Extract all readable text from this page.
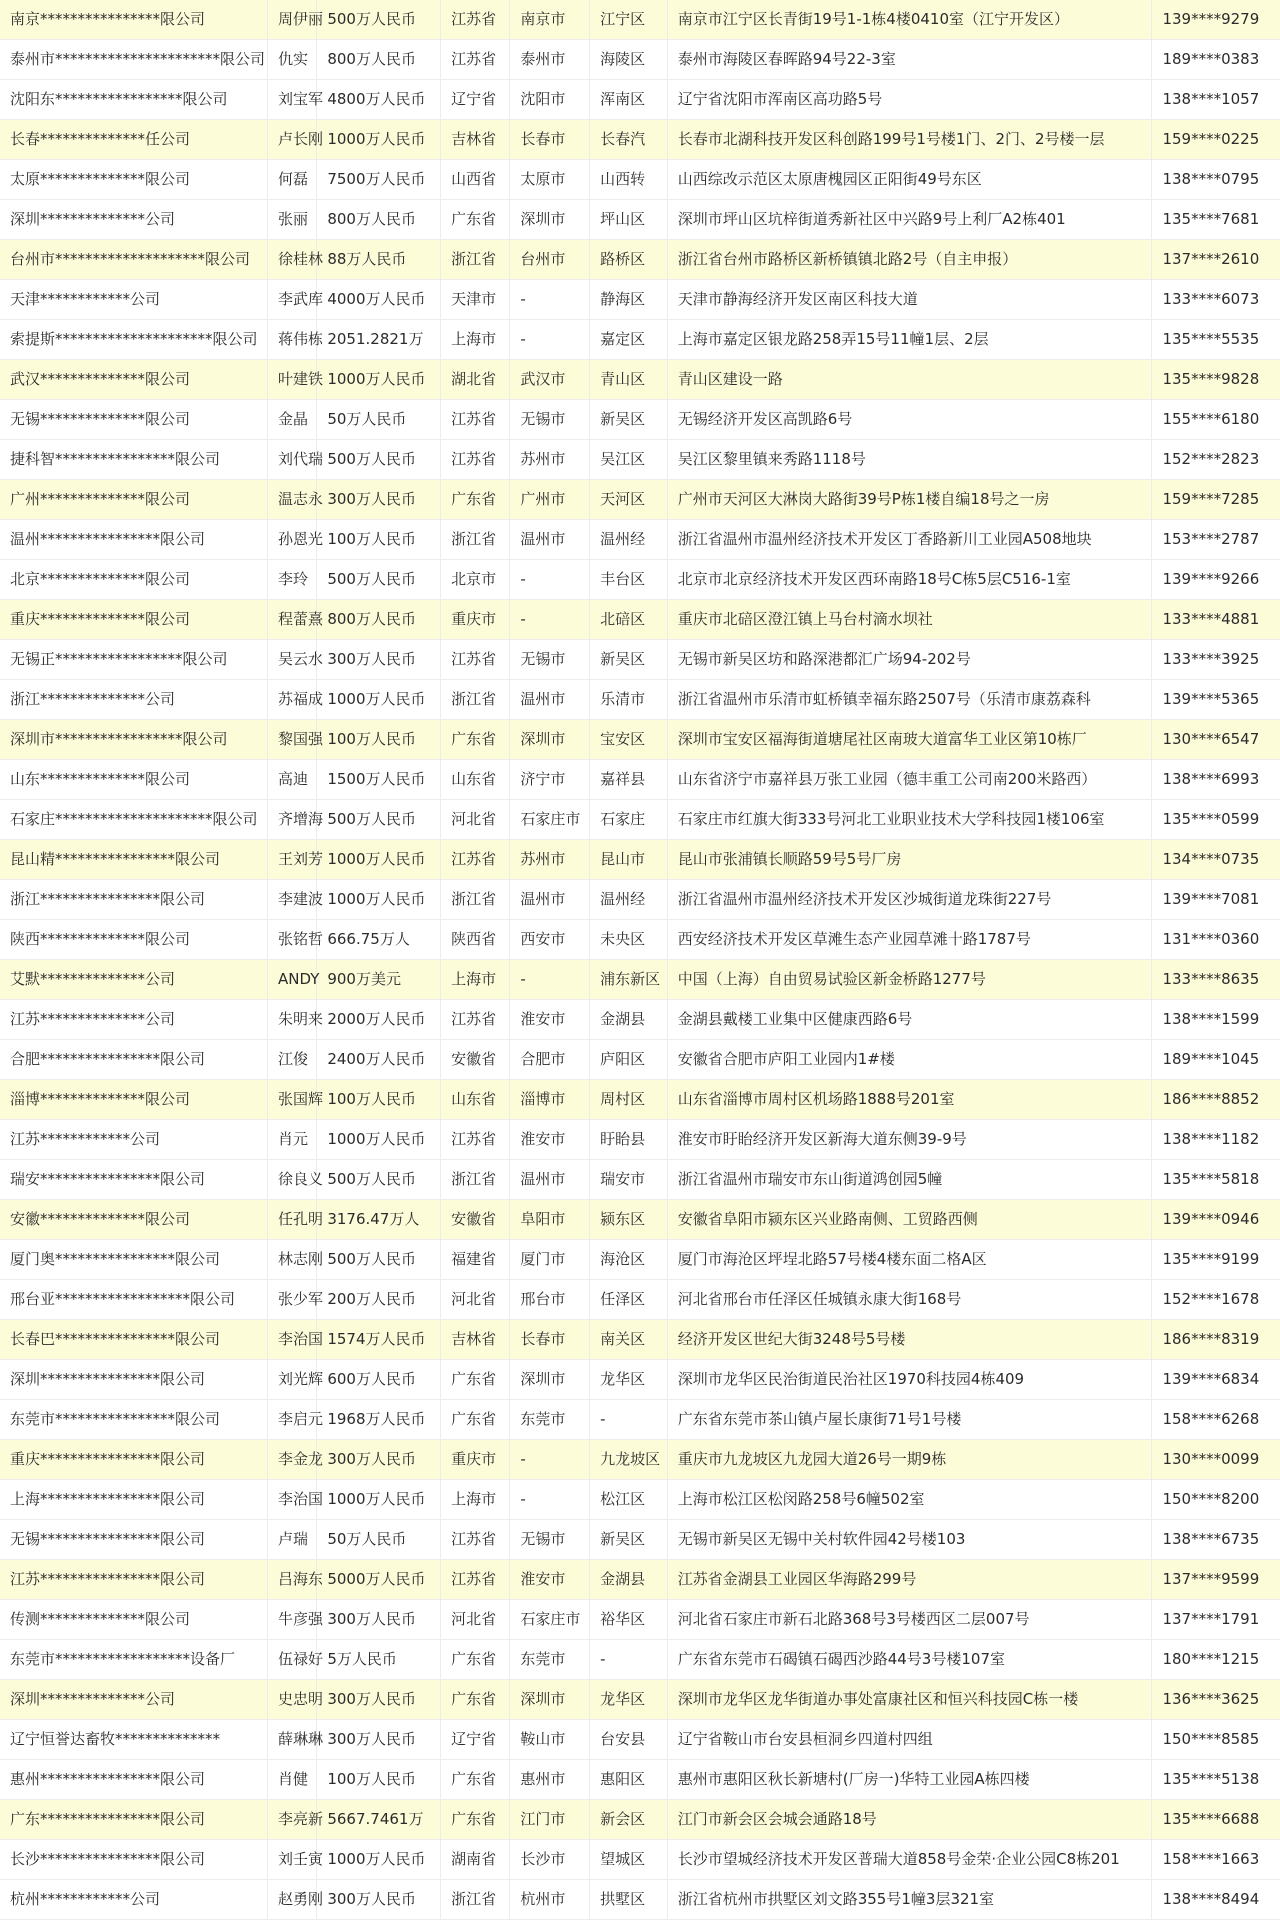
南京****************限公司	周伊丽	500万人民币	江苏省	南京市	江宁区	南京市江宁区长青街19号1-1栋4楼0410室（江宁开发区）	139****9279
泰州市**********************限公司	仇实	800万人民币	江苏省	泰州市	海陵区	泰州市海陵区春晖路94号22-3室	189****0383
沈阳东*****************限公司	刘宝军	4800万人民币	辽宁省	沈阳市	浑南区	辽宁省沈阳市浑南区高功路5号	138****1057
长春**************任公司	卢长刚	1000万人民币	吉林省	长春市	长春汽	长春市北湖科技开发区科创路199号1号楼1门、2门、2号楼一层	159****0225
太原**************限公司	何磊	7500万人民币	山西省	太原市	山西转	山西综改示范区太原唐槐园区正阳街49号东区	138****0795
深圳**************公司	张丽	800万人民币	广东省	深圳市	坪山区	深圳市坪山区坑梓街道秀新社区中兴路9号上利厂A2栋401	135****7681
台州市********************限公司	徐桂林	88万人民币	浙江省	台州市	路桥区	浙江省台州市路桥区新桥镇镇北路2号（自主申报）	137****2610
天津************公司	李武库	4000万人民币	天津市	-	静海区	天津市静海经济开发区南区科技大道	133****6073
索提斯*********************限公司	蒋伟栋	2051.2821万	上海市	-	嘉定区	上海市嘉定区银龙路258弄15号11幢1层、2层	135****5535
武汉**************限公司	叶建铁	1000万人民币	湖北省	武汉市	青山区	青山区建设一路	135****9828
无锡**************限公司	金晶	50万人民币	江苏省	无锡市	新吴区	无锡经济开发区高凯路6号	155****6180
捷科智****************限公司	刘代瑞	500万人民币	江苏省	苏州市	吴江区	吴江区黎里镇来秀路1118号	152****2823
广州**************限公司	温志永	300万人民币	广东省	广州市	天河区	广州市天河区大淋岗大路街39号P栋1楼自编18号之一房	159****7285
温州****************限公司	孙恩光	100万人民币	浙江省	温州市	温州经	浙江省温州市温州经济技术开发区丁香路新川工业园A508地块	153****2787
北京**************限公司	李玲	500万人民币	北京市	-	丰台区	北京市北京经济技术开发区西环南路18号C栋5层C516-1室	139****9266
重庆**************限公司	程蕾熹	800万人民币	重庆市	-	北碚区	重庆市北碚区澄江镇上马台村滴水坝社	133****4881
无锡正*****************限公司	吴云水	300万人民币	江苏省	无锡市	新吴区	无锡市新吴区坊和路深港都汇广场94-202号	133****3925
浙江**************公司	苏福成	1000万人民币	浙江省	温州市	乐清市	浙江省温州市乐清市虹桥镇幸福东路2507号（乐清市康荔森科	139****5365
深圳市*****************限公司	黎国强	100万人民币	广东省	深圳市	宝安区	深圳市宝安区福海街道塘尾社区南玻大道富华工业区第10栋厂	130****6547
山东**************限公司	高迪	1500万人民币	山东省	济宁市	嘉祥县	山东省济宁市嘉祥县万张工业园（德丰重工公司南200米路西）	138****6993
石家庄*********************限公司	齐增海	500万人民币	河北省	石家庄市	石家庄	石家庄市红旗大街333号河北工业职业技术大学科技园1楼106室	135****0599
昆山精****************限公司	王刘芳	1000万人民币	江苏省	苏州市	昆山市	昆山市张浦镇长顺路59号5号厂房	134****0735
浙江****************限公司	李建波	1000万人民币	浙江省	温州市	温州经	浙江省温州市温州经济技术开发区沙城街道龙珠街227号	139****7081
陕西**************限公司	张铭哲	666.75万人	陕西省	西安市	未央区	西安经济技术开发区草滩生态产业园草滩十路1787号	131****0360
艾默**************公司	ANDY	900万美元	上海市	-	浦东新区	中国（上海）自由贸易试验区新金桥路1277号	133****8635
江苏**************公司	朱明来	2000万人民币	江苏省	淮安市	金湖县	金湖县戴楼工业集中区健康西路6号	138****1599
合肥****************限公司	江俊	2400万人民币	安徽省	合肥市	庐阳区	安徽省合肥市庐阳工业园内1#楼	189****1045
淄博**************限公司	张国辉	100万人民币	山东省	淄博市	周村区	山东省淄博市周村区机场路1888号201室	186****8852
江苏************公司	肖元	1000万人民币	江苏省	淮安市	盱眙县	淮安市盱眙经济开发区新海大道东侧39-9号	138****1182
瑞安****************限公司	徐良义	500万人民币	浙江省	温州市	瑞安市	浙江省温州市瑞安市东山街道鸿创园5幢	135****5818
安徽**************限公司	任孔明	3176.47万人	安徽省	阜阳市	颍东区	安徽省阜阳市颍东区兴业路南侧、工贸路西侧	139****0946
厦门奥****************限公司	林志刚	500万人民币	福建省	厦门市	海沧区	厦门市海沧区坪埕北路57号楼4楼东面二格A区	135****9199
邢台亚******************限公司	张少军	200万人民币	河北省	邢台市	任泽区	河北省邢台市任泽区任城镇永康大街168号	152****1678
长春巴****************限公司	李治国	1574万人民币	吉林省	长春市	南关区	经济开发区世纪大街3248号5号楼	186****8319
深圳****************限公司	刘光辉	600万人民币	广东省	深圳市	龙华区	深圳市龙华区民治街道民治社区1970科技园4栋409	139****6834
东莞市****************限公司	李启元	1968万人民币	广东省	东莞市	-	广东省东莞市茶山镇卢屋长康街71号1号楼	158****6268
重庆****************限公司	李金龙	300万人民币	重庆市	-	九龙坡区	重庆市九龙坡区九龙园大道26号一期9栋	130****0099
上海****************限公司	李治国	1000万人民币	上海市	-	松江区	上海市松江区松闵路258号6幢502室	150****8200
无锡****************限公司	卢瑞	50万人民币	江苏省	无锡市	新吴区	无锡市新吴区无锡中关村软件园42号楼103	138****6735
江苏****************限公司	吕海东	5000万人民币	江苏省	淮安市	金湖县	江苏省金湖县工业园区华海路299号	137****9599
传测**************限公司	牛彦强	300万人民币	河北省	石家庄市	裕华区	河北省石家庄市新石北路368号3号楼西区二层007号	137****1791
东莞市******************设备厂	伍禄好	5万人民币	广东省	东莞市	-	广东省东莞市石碣镇石碣西沙路44号3号楼107室	180****1215
深圳**************公司	史忠明	300万人民币	广东省	深圳市	龙华区	深圳市龙华区龙华街道办事处富康社区和恒兴科技园C栋一楼	136****3625
辽宁恒誉达畜牧**************	薛琳琳	300万人民币	辽宁省	鞍山市	台安县	辽宁省鞍山市台安县桓洞乡四道村四组	150****8585
惠州****************限公司	肖健	100万人民币	广东省	惠州市	惠阳区	惠州市惠阳区秋长新塘村(厂房一)华特工业园A栋四楼	135****5138
广东****************限公司	李亮新	5667.7461万	广东省	江门市	新会区	江门市新会区会城会通路18号	135****6688
长沙****************限公司	刘壬寅	1000万人民币	湖南省	长沙市	望城区	长沙市望城经济技术开发区普瑞大道858号金荣·企业公园C8栋201	158****1663
杭州************公司	赵勇刚	300万人民币	浙江省	杭州市	拱墅区	浙江省杭州市拱墅区刘文路355号1幢3层321室	138****8494
